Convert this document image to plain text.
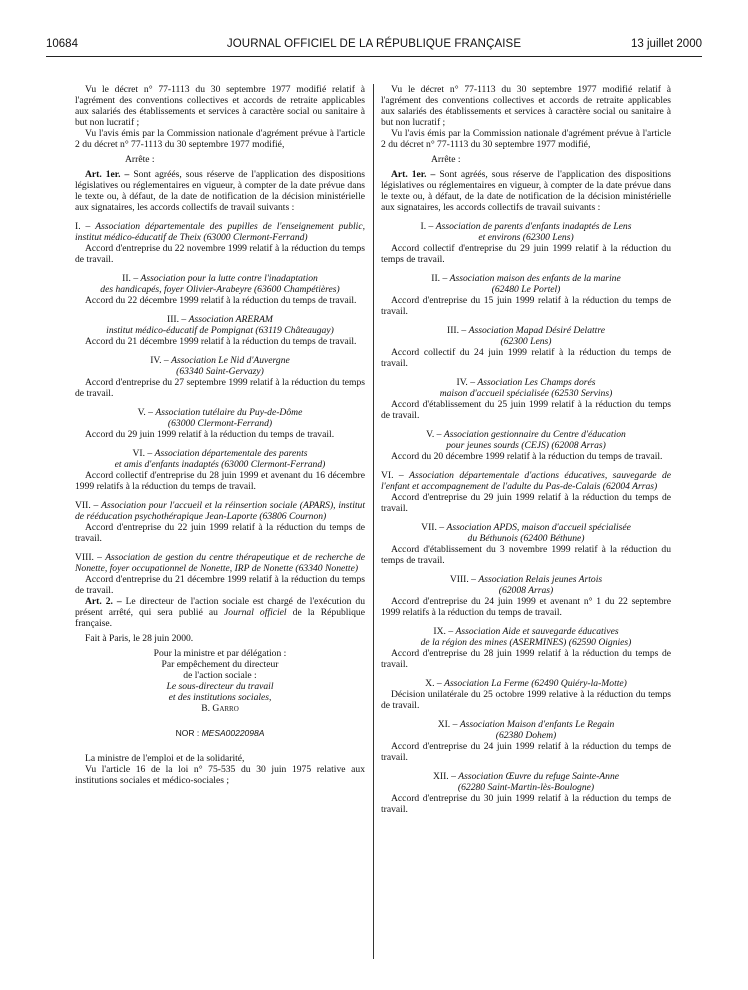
10684	JOURNAL OFFICIEL DE LA RÉPUBLIQUE FRANÇAISE	13 juillet 2000

Vu le décret n° 77-1113 du 30 septembre 1977 modifié relatif à l'agrément des conventions collectives et accords de retraite applicables aux salariés des établissements et services à caractère social ou sanitaire à but non lucratif ;

Vu l'avis émis par la Commission nationale d'agrément prévue à l'article 2 du décret n° 77-1113 du 30 septembre 1977 modifié,

Arrête :

Art. 1er. – Sont agréés, sous réserve de l'application des dispositions législatives ou réglementaires en vigueur, à compter de la date prévue dans le texte ou, à défaut, de la date de notification de la décision ministérielle aux signataires, les accords collectifs de travail suivants :

I. – Association départementale des pupilles de l'enseignement public, institut médico-éducatif de Theix (63000 Clermont-Ferrand)

Accord d'entreprise du 22 novembre 1999 relatif à la réduction du temps de travail.

II. – Association pour la lutte contre l'inadaptation
des handicapés, foyer Olivier-Arabeyre (63600 Champétières)

Accord du 22 décembre 1999 relatif à la réduction du temps de travail.

III. – Association ARERAM
institut médico-éducatif de Pompignat (63119 Châteaugay)

Accord du 21 décembre 1999 relatif à la réduction du temps de travail.

IV. – Association Le Nid d'Auvergne
(63340 Saint-Gervazy)

Accord d'entreprise du 27 septembre 1999 relatif à la réduction du temps de travail.

V. – Association tutélaire du Puy-de-Dôme
(63000 Clermont-Ferrand)

Accord du 29 juin 1999 relatif à la réduction du temps de travail.

VI. – Association départementale des parents
et amis d'enfants inadaptés (63000 Clermont-Ferrand)

Accord collectif d'entreprise du 28 juin 1999 et avenant du 16 décembre 1999 relatifs à la réduction du temps de travail.

VII. – Association pour l'accueil et la réinsertion sociale (APARS), institut de rééducation psychothérapique Jean-Laporte (63806 Cournon)

Accord d'entreprise du 22 juin 1999 relatif à la réduction du temps de travail.

VIII. – Association de gestion du centre thérapeutique et de recherche de Nonette, foyer occupationnel de Nonette, IRP de Nonette (63340 Nonette)

Accord d'entreprise du 21 décembre 1999 relatif à la réduction du temps de travail.

Art. 2. – Le directeur de l'action sociale est chargé de l'exécution du présent arrêté, qui sera publié au Journal officiel de la République française.

Fait à Paris, le 28 juin 2000.

Pour la ministre et par délégation :

Par empêchement du directeur

de l'action sociale :

Le sous-directeur du travail

et des institutions sociales,

B. Garro

NOR : MESA0022098A

La ministre de l'emploi et de la solidarité,

Vu l'article 16 de la loi n° 75-535 du 30 juin 1975 relative aux institutions sociales et médico-sociales ;

Vu le décret n° 77-1113 du 30 septembre 1977 modifié relatif à l'agrément des conventions collectives et accords de retraite applicables aux salariés des établissements et services à caractère social ou sanitaire à but non lucratif ;

Vu l'avis émis par la Commission nationale d'agrément prévue à l'article 2 du décret n° 77-1113 du 30 septembre 1977 modifié,

Arrête :

Art. 1er. – Sont agréés, sous réserve de l'application des dispositions législatives ou réglementaires en vigueur, à compter de la date prévue dans le texte ou, à défaut, de la date de notification de la décision ministérielle aux signataires, les accords collectifs de travail suivants :

I. – Association de parents d'enfants inadaptés de Lens
et environs (62300 Lens)

Accord collectif d'entreprise du 29 juin 1999 relatif à la réduction du temps de travail.

II. – Association maison des enfants de la marine
(62480 Le Portel)

Accord d'entreprise du 15 juin 1999 relatif à la réduction du temps de travail.

III. – Association Mapad Désiré Delattre
(62300 Lens)

Accord collectif du 24 juin 1999 relatif à la réduction du temps de travail.

IV. – Association Les Champs dorés
maison d'accueil spécialisée (62530 Servins)

Accord d'établissement du 25 juin 1999 relatif à la réduction du temps de travail.

V. – Association gestionnaire du Centre d'éducation
pour jeunes sourds (CEJS) (62008 Arras)

Accord du 20 décembre 1999 relatif à la réduction du temps de travail.

VI. – Association départementale d'actions éducatives, sauvegarde de l'enfant et accompagnement de l'adulte du Pas-de-Calais (62004 Arras)

Accord d'entreprise du 29 juin 1999 relatif à la réduction du temps de travail.

VII. – Association APDS, maison d'accueil spécialisée
du Béthunois (62400 Béthune)

Accord d'établissement du 3 novembre 1999 relatif à la réduction du temps de travail.

VIII. – Association Relais jeunes Artois
(62008 Arras)

Accord d'entreprise du 24 juin 1999 et avenant n° 1 du 22 septembre 1999 relatifs à la réduction du temps de travail.

IX. – Association Aide et sauvegarde éducatives
de la région des mines (ASERMINES) (62590 Oignies)

Accord d'entreprise du 28 juin 1999 relatif à la réduction du temps de travail.

X. – Association La Ferme (62490 Quiéry-la-Motte)

Décision unilatérale du 25 octobre 1999 relative à la réduction du temps de travail.

XI. – Association Maison d'enfants Le Regain
(62380 Dohem)

Accord d'entreprise du 24 juin 1999 relatif à la réduction du temps de travail.

XII. – Association Œuvre du refuge Sainte-Anne
(62280 Saint-Martin-lès-Boulogne)

Accord d'entreprise du 30 juin 1999 relatif à la réduction du temps de travail.
